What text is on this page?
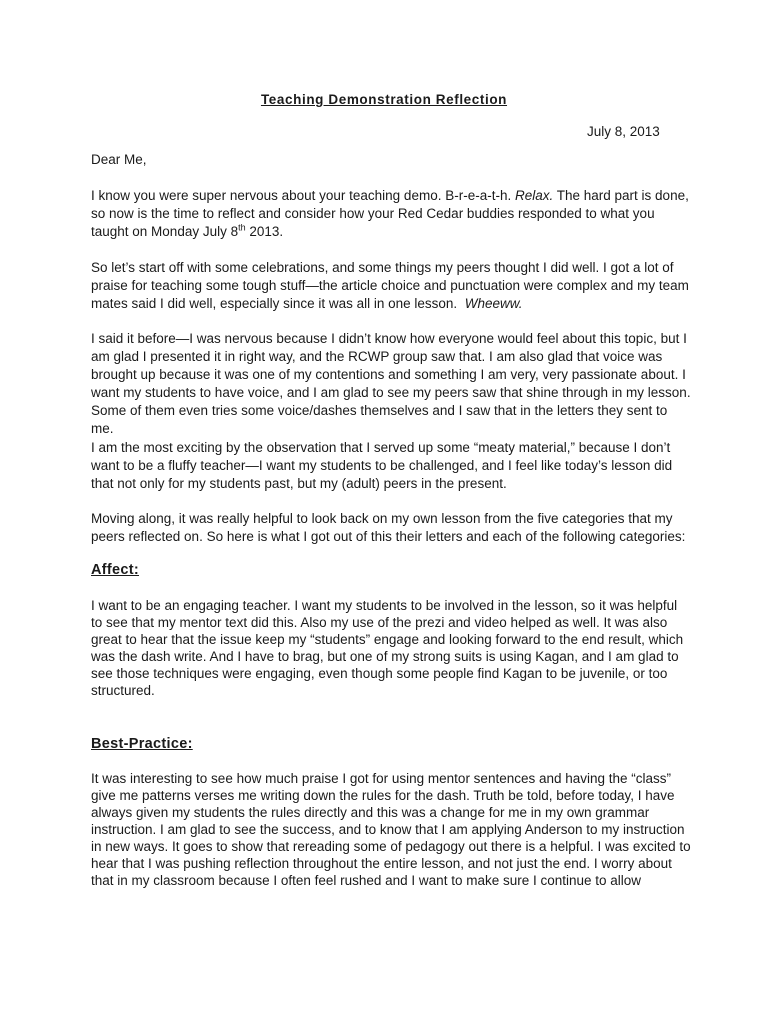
Teaching Demonstration Reflection
July 8, 2013

Dear Me,

I know you were super nervous about your teaching demo. B-r-e-a-t-h. Relax. The hard part is done, so now is the time to reflect and consider how your Red Cedar buddies responded to what you taught on Monday July 8th 2013.

So let’s start off with some celebrations, and some things my peers thought I did well. I got a lot of praise for teaching some tough stuff—the article choice and punctuation were complex and my team mates said I did well, especially since it was all in one lesson. Wheeww.

I said it before—I was nervous because I didn’t know how everyone would feel about this topic, but I am glad I presented it in right way, and the RCWP group saw that. I am also glad that voice was brought up because it was one of my contentions and something I am very, very passionate about. I want my students to have voice, and I am glad to see my peers saw that shine through in my lesson. Some of them even tries some voice/dashes themselves and I saw that in the letters they sent to me.

I am the most exciting by the observation that I served up some “meaty material,” because I don’t want to be a fluffy teacher—I want my students to be challenged, and I feel like today’s lesson did that not only for my students past, but my (adult) peers in the present.

Moving along, it was really helpful to look back on my own lesson from the five categories that my peers reflected on. So here is what I got out of this their letters and each of the following categories:

Affect:

I want to be an engaging teacher. I want my students to be involved in the lesson, so it was helpful to see that my mentor text did this. Also my use of the prezi and video helped as well. It was also great to hear that the issue keep my “students” engage and looking forward to the end result, which was the dash write. And I have to brag, but one of my strong suits is using Kagan, and I am glad to see those techniques were engaging, even though some people find Kagan to be juvenile, or too structured.

Best-Practice:

It was interesting to see how much praise I got for using mentor sentences and having the “class” give me patterns verses me writing down the rules for the dash. Truth be told, before today, I have always given my students the rules directly and this was a change for me in my own grammar instruction. I am glad to see the success, and to know that I am applying Anderson to my instruction in new ways. It goes to show that rereading some of pedagogy out there is a helpful. I was excited to hear that I was pushing reflection throughout the entire lesson, and not just the end. I worry about that in my classroom because I often feel rushed and I want to make sure I continue to allow
